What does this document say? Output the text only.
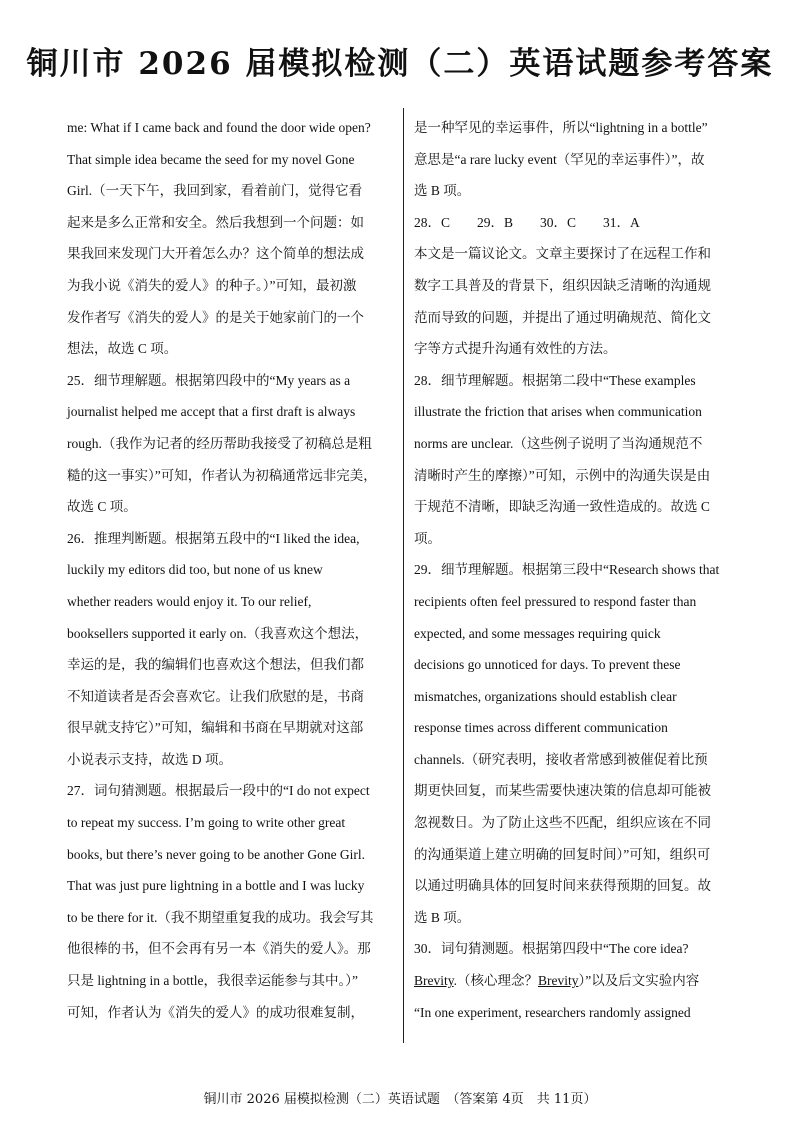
铜川市 2026 届模拟检测（二）英语试题参考答案
me: What if I came back and found the door wide open?
That simple idea became the seed for my novel Gone
Girl.（一天下午，我回到家，看着前门，觉得它看
起来是多么正常和安全。然后我想到一个问题：如
果我回来发现门大开着怎么办？这个简单的想法成
为我小说《消失的爱人》的种子。）”可知，最初激
发作者写《消失的爱人》的是关于她家前门的一个
想法，故选 C 项。
25．细节理解题。根据第四段中的“My years as a
journalist helped me accept that a first draft is always
rough.（我作为记者的经历帮助我接受了初稿总是粗
糙的这一事实）”可知，作者认为初稿通常远非完美，
故选 C 项。
26．推理判断题。根据第五段中的“I liked the idea,
luckily my editors did too, but none of us knew
whether readers would enjoy it. To our relief,
booksellers supported it early on.（我喜欢这个想法，
幸运的是，我的编辑们也喜欢这个想法，但我们都
不知道读者是否会喜欢它。让我们欣慰的是，书商
很早就支持它）”可知，编辑和书商在早期就对这部
小说表示支持，故选 D 项。
27．词句猜测题。根据最后一段中的“I do not expect
to repeat my success. I’m going to write other great
books, but there’s never going to be another Gone Girl.
That was just pure lightning in a bottle and I was lucky
to be there for it.（我不期望重复我的成功。我会写其
他很棒的书，但不会再有另一本《消失的爱人》。那
只是 lightning in a bottle，我很幸运能参与其中。）”
可知，作者认为《消失的爱人》的成功很难复制，
是一种罕见的幸运事件，所以“lightning in a bottle”
意思是“a rare lucky event（罕见的幸运事件）”，故
选 B 项。
28．C　　29．B　　30．C　　31．A
本文是一篇议论文。文章主要探讨了在远程工作和
数字工具普及的背景下，组织因缺乏清晰的沟通规
范而导致的问题，并提出了通过明确规范、简化文
字等方式提升沟通有效性的方法。
28．细节理解题。根据第二段中“These examples
illustrate the friction that arises when communication
norms are unclear.（这些例子说明了当沟通规范不
清晰时产生的摩擦）”可知，示例中的沟通失误是由
于规范不清晰，即缺乏沟通一致性造成的。故选 C
项。
29．细节理解题。根据第三段中“Research shows that
recipients often feel pressured to respond faster than
expected, and some messages requiring quick
decisions go unnoticed for days. To prevent these
mismatches, organizations should establish clear
response times across different communication
channels.（研究表明，接收者常感到被催促着比预
期更快回复，而某些需要快速决策的信息却可能被
忽视数日。为了防止这些不匹配，组织应该在不同
的沟通渠道上建立明确的回复时间）”可知，组织可
以通过明确具体的回复时间来获得预期的回复。故
选 B 项。
30．词句猜测题。根据第四段中“The core idea?
Brevity.（核心理念？Brevity）”以及后文实验内容
“In one experiment, researchers randomly assigned
铜川市 2026 届模拟检测（二）英语试题　（答案第 4页　共 11页）
